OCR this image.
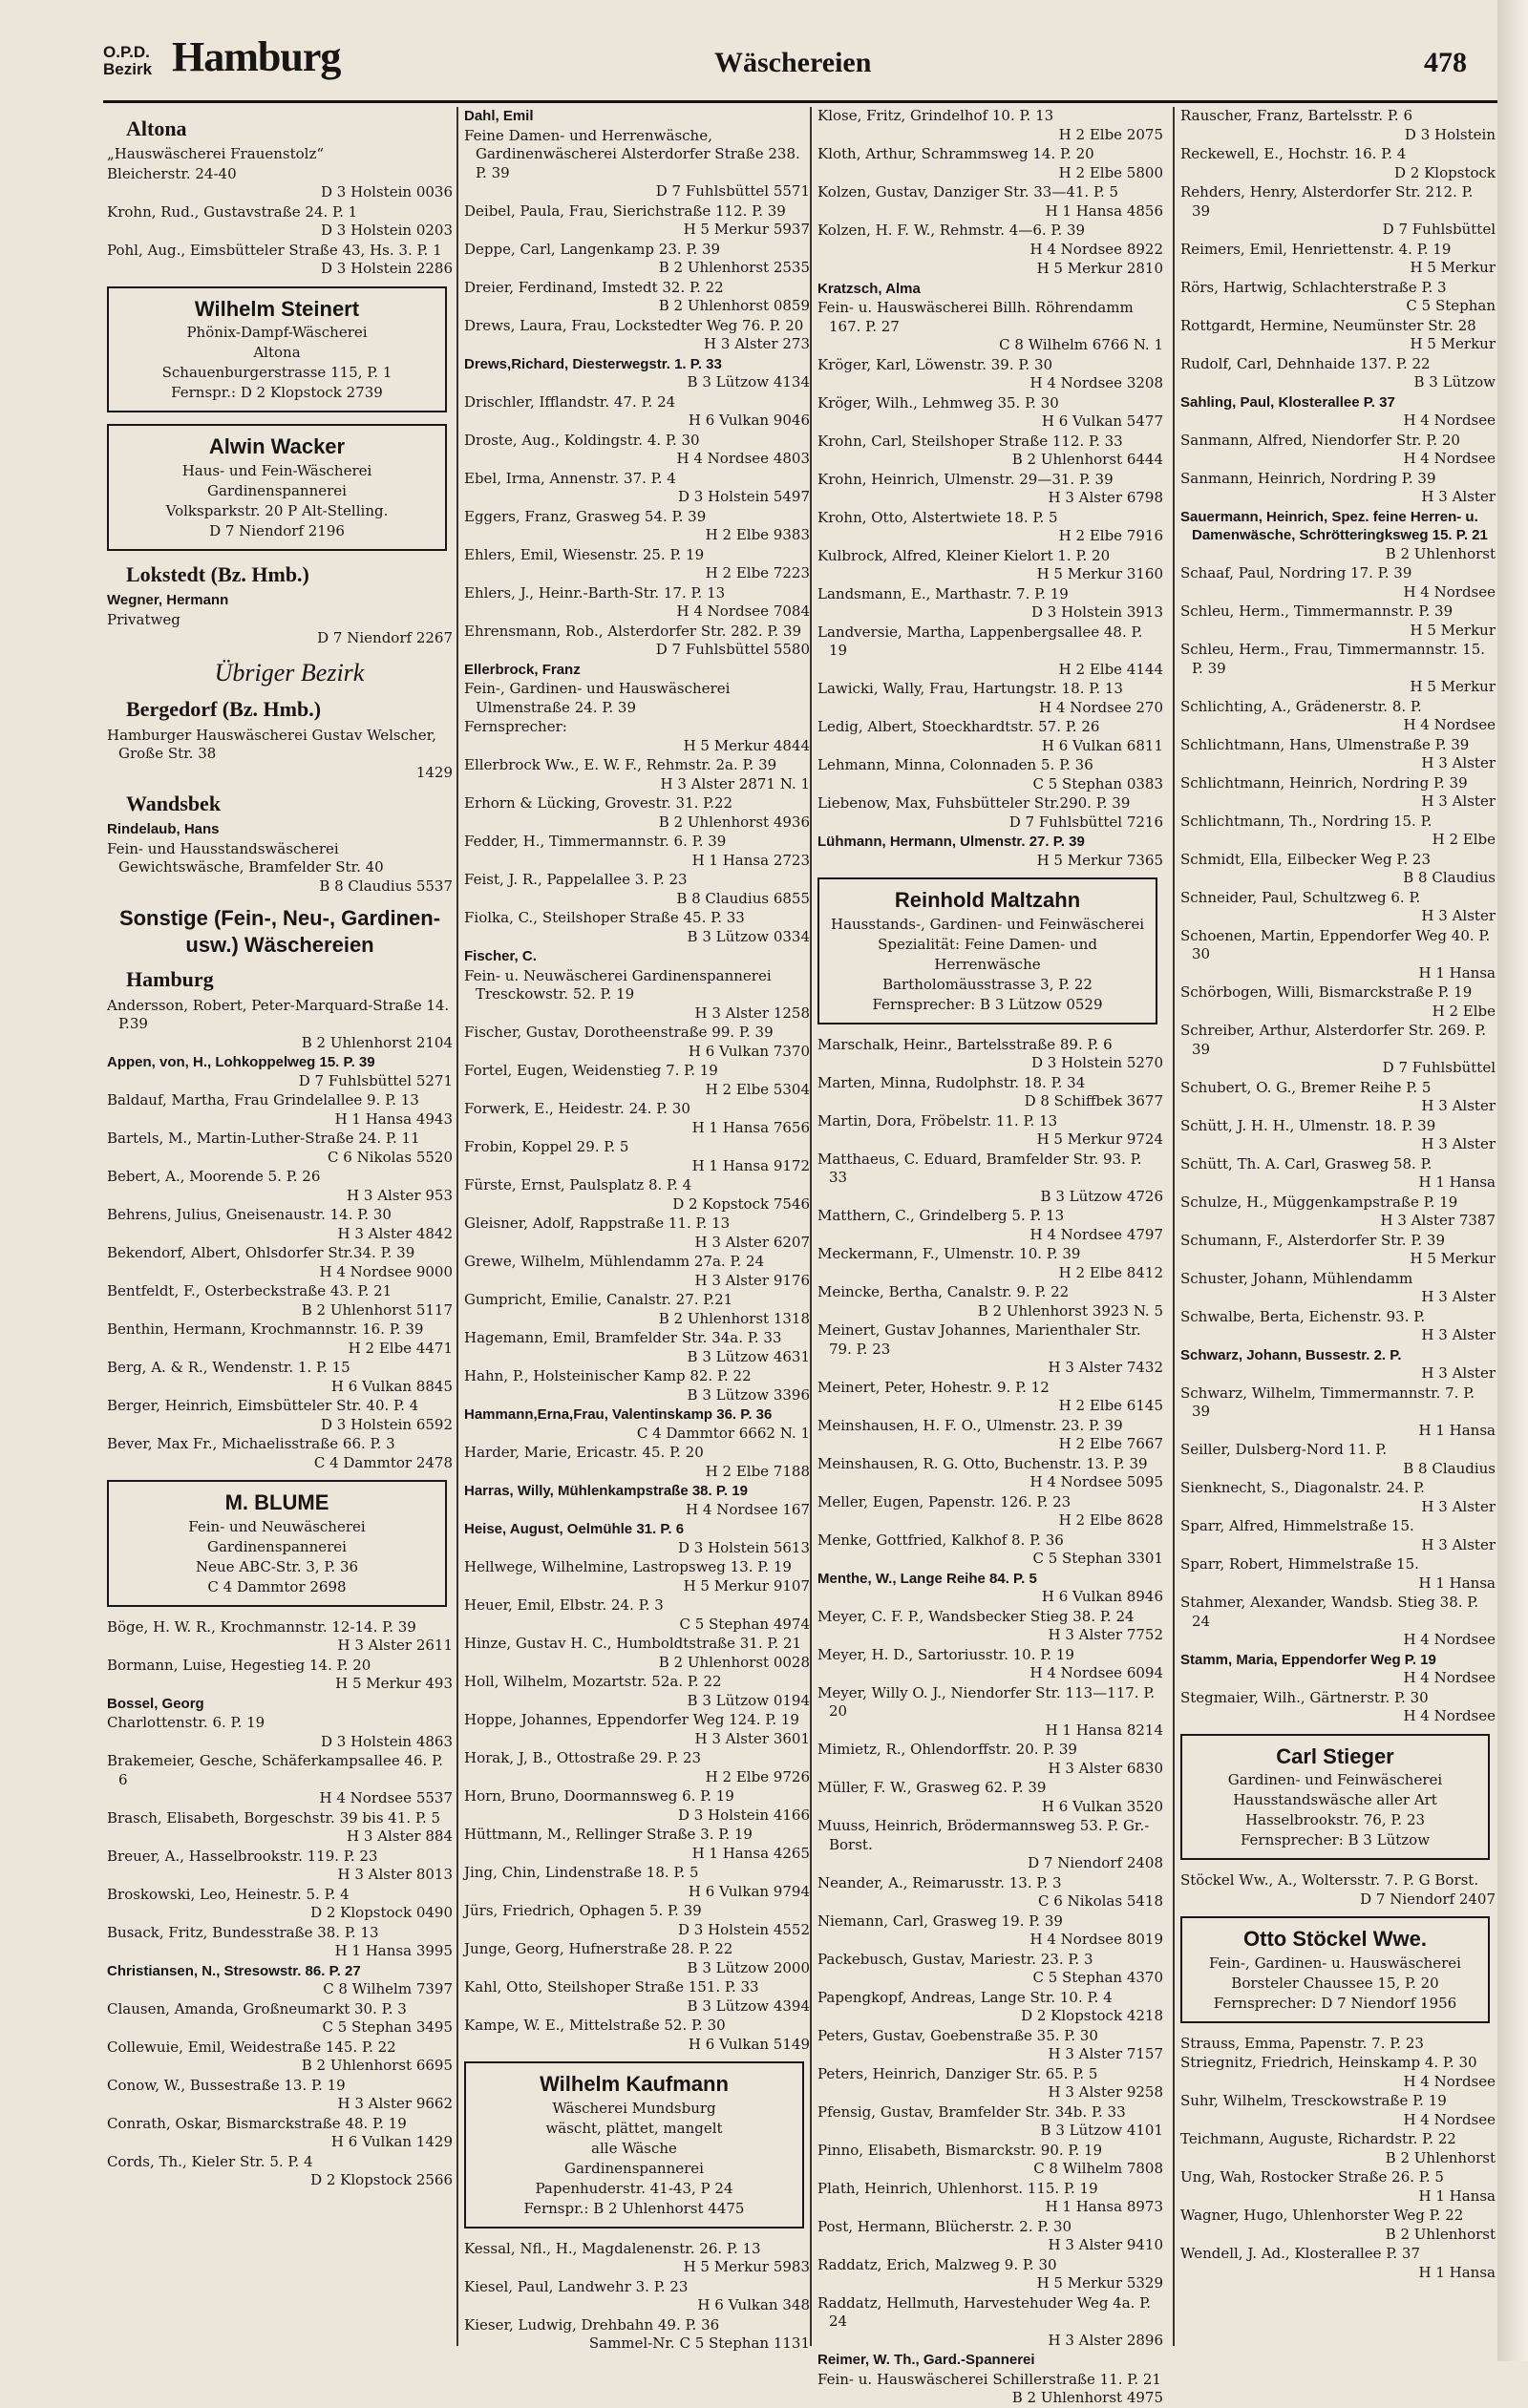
O.P.D.
Bezirk Hamburg	Wäschereien	478
Altona
„Hauswäscherei Frauenstolz“
Bleicherstr. 24-40
D 3 Holstein 0036
Krohn, Rud., Gustavstraße 24. P. 1
D 3 Holstein 0203
Pohl, Aug., Eimsbütteler Straße 43, Hs. 3. P. 1
D 3 Holstein 2286
Wilhelm Steinert
Phönix-Dampf-Wäscherei
Altona
Schauenburgerstrasse 115, P. 1
Fernspr.: D 2 Klopstock 2739
Alwin Wacker
Haus- und Fein-Wäscherei
Gardinenspannerei
Volksparkstr. 20 P Alt-Stelling.
D 7 Niendorf 2196
Lokstedt (Bz. Hmb.)
Wegner, Hermann
Privatweg
D 7 Niendorf 2267
Übriger Bezirk
Bergedorf (Bz. Hmb.)
Hamburger Hauswäscherei Gustav Welscher, Große Str. 38
1429
Wandsbek
Rindelaub, Hans
Fein- und Hausstandswäscherei Gewichtswäsche, Bramfelder Str. 40
B 8 Claudius 5537
Sonstige (Fein-, Neu-, Gardinen- usw.) Wäschereien
Hamburg
Andersson, Robert, Peter-Marquard-Straße 14. P.39
B 2 Uhlenhorst 2104
Appen, von, H., Lohkoppelweg 15. P. 39
D 7 Fuhlsbüttel 5271
Baldauf, Martha, Frau Grindelallee 9. P. 13
H 1 Hansa 4943
Bartels, M., Martin-Luther-Straße 24. P. 11
C 6 Nikolas 5520
Bebert, A., Moorende 5. P. 26
H 3 Alster 953
Behrens, Julius, Gneisenaustr. 14. P. 30
H 3 Alster 4842
Bekendorf, Albert, Ohlsdorfer Str.34. P. 39
H 4 Nordsee 9000
Bentfeldt, F., Osterbeckstraße 43. P. 21
B 2 Uhlenhorst 5117
Benthin, Hermann, Krochmannstr. 16. P. 39
H 2 Elbe 4471
Berg, A. & R., Wendenstr. 1. P. 15
H 6 Vulkan 8845
Berger, Heinrich, Eimsbütteler Str. 40. P. 4
D 3 Holstein 6592
Bever, Max Fr., Michaelisstraße 66. P. 3
C 4 Dammtor 2478
M. BLUME
Fein- und Neuwäscherei
Gardinenspannerei
Neue ABC-Str. 3, P. 36
C 4 Dammtor 2698
Böge, H. W. R., Krochmannstr. 12-14. P. 39
H 3 Alster 2611
Bormann, Luise, Hegestieg 14. P. 20
H 5 Merkur 493
Bossel, Georg
Charlottenstr. 6. P. 19
D 3 Holstein 4863
Brakemeier, Gesche, Schäferkampsallee 46. P. 6
H 4 Nordsee 5537
Brasch, Elisabeth, Borgeschstr. 39 bis 41. P. 5
H 3 Alster 884
Breuer, A., Hasselbrookstr. 119. P. 23
H 3 Alster 8013
Broskowski, Leo, Heinestr. 5. P. 4
D 2 Klopstock 0490
Busack, Fritz, Bundesstraße 38. P. 13
H 1 Hansa 3995
Christiansen, N., Stresowstr. 86. P. 27
C 8 Wilhelm 7397
Clausen, Amanda, Großneumarkt 30. P. 3
C 5 Stephan 3495
Collewuie, Emil, Weidestraße 145. P. 22
B 2 Uhlenhorst 6695
Conow, W., Bussestraße 13. P. 19
H 3 Alster 9662
Conrath, Oskar, Bismarckstraße 48. P. 19
H 6 Vulkan 1429
Cords, Th., Kieler Str. 5. P. 4
D 2 Klopstock 2566
Dahl, Emil
Feine Damen- und Herrenwäsche, Gardinenwäscherei Alsterdorfer Straße 238. P. 39
D 7 Fuhlsbüttel 5571
Deibel, Paula, Frau, Sierichstraße 112. P. 39
H 5 Merkur 5937
Deppe, Carl, Langenkamp 23. P. 39
B 2 Uhlenhorst 2535
Dreier, Ferdinand, Imstedt 32. P. 22
B 2 Uhlenhorst 0859
Drews, Laura, Frau, Lockstedter Weg 76. P. 20
H 3 Alster 273
Drews,Richard, Diesterwegstr. 1. P. 33
B 3 Lützow 4134
Drischler, Ifflandstr. 47. P. 24
H 6 Vulkan 9046
Droste, Aug., Koldingstr. 4. P. 30
H 4 Nordsee 4803
Ebel, Irma, Annenstr. 37. P. 4
D 3 Holstein 5497
Eggers, Franz, Grasweg 54. P. 39
H 2 Elbe 9383
Ehlers, Emil, Wiesenstr. 25. P. 19
H 2 Elbe 7223
Ehlers, J., Heinr.-Barth-Str. 17. P. 13
H 4 Nordsee 7084
Ehrensmann, Rob., Alsterdorfer Str. 282. P. 39
D 7 Fuhlsbüttel 5580
Ellerbrock, Franz
Fein-, Gardinen- und Hauswäscherei Ulmenstraße 24. P. 39
Fernsprecher:
H 5 Merkur 4844
Ellerbrock Ww., E. W. F., Rehmstr. 2a. P. 39
H 3 Alster 2871 N. 1
Erhorn & Lücking, Grovestr. 31. P.22
B 2 Uhlenhorst 4936
Fedder, H., Timmermannstr. 6. P. 39
H 1 Hansa 2723
Feist, J. R., Pappelallee 3. P. 23
B 8 Claudius 6855
Fiolka, C., Steilshoper Straße 45. P. 33
B 3 Lützow 0334
Fischer, C.
Fein- u. Neuwäscherei Gardinenspannerei Tresckowstr. 52. P. 19
H 3 Alster 1258
Fischer, Gustav, Dorotheenstraße 99. P. 39
H 6 Vulkan 7370
Fortel, Eugen, Weidenstieg 7. P. 19
H 2 Elbe 5304
Forwerk, E., Heidestr. 24. P. 30
H 1 Hansa 7656
Frobin, Koppel 29. P. 5
H 1 Hansa 9172
Fürste, Ernst, Paulsplatz 8. P. 4
D 2 Kopstock 7546
Gleisner, Adolf, Rappstraße 11. P. 13
H 3 Alster 6207
Grewe, Wilhelm, Mühlendamm 27a. P. 24
H 3 Alster 9176
Gumpricht, Emilie, Canalstr. 27. P.21
B 2 Uhlenhorst 1318
Hagemann, Emil, Bramfelder Str. 34a. P. 33
B 3 Lützow 4631
Hahn, P., Holsteinischer Kamp 82. P. 22
B 3 Lützow 3396
Hammann,Erna,Frau, Valentinskamp 36. P. 36
C 4 Dammtor 6662 N. 1
Harder, Marie, Ericastr. 45. P. 20
H 2 Elbe 7188
Harras, Willy, Mühlenkampstraße 38. P. 19
H 4 Nordsee 167
Heise, August, Oelmühle 31. P. 6
D 3 Holstein 5613
Hellwege, Wilhelmine, Lastropsweg 13. P. 19
H 5 Merkur 9107
Heuer, Emil, Elbstr. 24. P. 3
C 5 Stephan 4974
Hinze, Gustav H. C., Humboldtstraße 31. P. 21
B 2 Uhlenhorst 0028
Holl, Wilhelm, Mozartstr. 52a. P. 22
B 3 Lützow 0194
Hoppe, Johannes, Eppendorfer Weg 124. P. 19
H 3 Alster 3601
Horak, J, B., Ottostraße 29. P. 23
H 2 Elbe 9726
Horn, Bruno, Doormannsweg 6. P. 19
D 3 Holstein 4166
Hüttmann, M., Rellinger Straße 3. P. 19
H 1 Hansa 4265
Jing, Chin, Lindenstraße 18. P. 5
H 6 Vulkan 9794
Jürs, Friedrich, Ophagen 5. P. 39
D 3 Holstein 4552
Junge, Georg, Hufnerstraße 28. P. 22
B 3 Lützow 2000
Kahl, Otto, Steilshoper Straße 151. P. 33
B 3 Lützow 4394
Kampe, W. E., Mittelstraße 52. P. 30
H 6 Vulkan 5149
Wilhelm Kaufmann
Wäscherei Mundsburg
wäscht, plättet, mangelt
alle Wäsche
Gardinenspannerei
Papenhuderstr. 41-43, P 24
Fernspr.: B 2 Uhlenhorst 4475
Kessal, Nfl., H., Magdalenenstr. 26. P. 13
H 5 Merkur 5983
Kiesel, Paul, Landwehr 3. P. 23
H 6 Vulkan 348
Kieser, Ludwig, Drehbahn 49. P. 36
Sammel-Nr. C 5 Stephan 1131
Klose, Fritz, Grindelhof 10. P. 13
H 2 Elbe 2075
Kloth, Arthur, Schrammsweg 14. P. 20
H 2 Elbe 5800
Kolzen, Gustav, Danziger Str. 33—41. P. 5
H 1 Hansa 4856
Kolzen, H. F. W., Rehmstr. 4—6. P. 39
H 4 Nordsee 8922
H 5 Merkur 2810
Kratzsch, Alma
Fein- u. Hauswäscherei Billh. Röhrendamm 167. P. 27
C 8 Wilhelm 6766 N. 1
Kröger, Karl, Löwenstr. 39. P. 30
H 4 Nordsee 3208
Kröger, Wilh., Lehmweg 35. P. 30
H 6 Vulkan 5477
Krohn, Carl, Steilshoper Straße 112. P. 33
B 2 Uhlenhorst 6444
Krohn, Heinrich, Ulmenstr. 29—31. P. 39
H 3 Alster 6798
Krohn, Otto, Alstertwiete 18. P. 5
H 2 Elbe 7916
Kulbrock, Alfred, Kleiner Kielort 1. P. 20
H 5 Merkur 3160
Landsmann, E., Marthastr. 7. P. 19
D 3 Holstein 3913
Landversie, Martha, Lappenbergsallee 48. P. 19
H 2 Elbe 4144
Lawicki, Wally, Frau, Hartungstr. 18. P. 13
H 4 Nordsee 270
Ledig, Albert, Stoeckhardtstr. 57. P. 26
H 6 Vulkan 6811
Lehmann, Minna, Colonnaden 5. P. 36
C 5 Stephan 0383
Liebenow, Max, Fuhsbütteler Str.290. P. 39
D 7 Fuhlsbüttel 7216
Lühmann, Hermann, Ulmenstr. 27. P. 39
H 5 Merkur 7365
Reinhold Maltzahn
Hausstands-, Gardinen- und Feinwäscherei
Spezialität: Feine Damen- und Herrenwäsche
Bartholomäusstrasse 3, P. 22
Fernsprecher: B 3 Lützow 0529
Marschalk, Heinr., Bartelsstraße 89. P. 6
D 3 Holstein 5270
Marten, Minna, Rudolphstr. 18. P. 34
D 8 Schiffbek 3677
Martin, Dora, Fröbelstr. 11. P. 13
H 5 Merkur 9724
Matthaeus, C. Eduard, Bramfelder Str. 93. P. 33
B 3 Lützow 4726
Matthern, C., Grindelberg 5. P. 13
H 4 Nordsee 4797
Meckermann, F., Ulmenstr. 10. P. 39
H 2 Elbe 8412
Meincke, Bertha, Canalstr. 9. P. 22
B 2 Uhlenhorst 3923 N. 5
Meinert, Gustav Johannes, Marienthaler Str. 79. P. 23
H 3 Alster 7432
Meinert, Peter, Hohestr. 9. P. 12
H 2 Elbe 6145
Meinshausen, H. F. O., Ulmenstr. 23. P. 39
H 2 Elbe 7667
Meinshausen, R. G. Otto, Buchenstr. 13. P. 39
H 4 Nordsee 5095
Meller, Eugen, Papenstr. 126. P. 23
H 2 Elbe 8628
Menke, Gottfried, Kalkhof 8. P. 36
C 5 Stephan 3301
Menthe, W., Lange Reihe 84. P. 5
H 6 Vulkan 8946
Meyer, C. F. P., Wandsbecker Stieg 38. P. 24
H 3 Alster 7752
Meyer, H. D., Sartoriusstr. 10. P. 19
H 4 Nordsee 6094
Meyer, Willy O. J., Niendorfer Str. 113—117. P. 20
H 1 Hansa 8214
Mimietz, R., Ohlendorffstr. 20. P. 39
H 3 Alster 6830
Müller, F. W., Grasweg 62. P. 39
H 6 Vulkan 3520
Muuss, Heinrich, Brödermannsweg 53. P. Gr.-Borst.
D 7 Niendorf 2408
Neander, A., Reimarusstr. 13. P. 3
C 6 Nikolas 5418
Niemann, Carl, Grasweg 19. P. 39
H 4 Nordsee 8019
Packebusch, Gustav, Mariestr. 23. P. 3
C 5 Stephan 4370
Papengkopf, Andreas, Lange Str. 10. P. 4
D 2 Klopstock 4218
Peters, Gustav, Goebenstraße 35. P. 30
H 3 Alster 7157
Peters, Heinrich, Danziger Str. 65. P. 5
H 3 Alster 9258
Pfensig, Gustav, Bramfelder Str. 34b. P. 33
B 3 Lützow 4101
Pinno, Elisabeth, Bismarckstr. 90. P. 19
C 8 Wilhelm 7808
Plath, Heinrich, Uhlenhorst. 115. P. 19
H 1 Hansa 8973
Post, Hermann, Blücherstr. 2. P. 30
H 3 Alster 9410
Raddatz, Erich, Malzweg 9. P. 30
H 5 Merkur 5329
Raddatz, Hellmuth, Harvestehuder Weg 4a. P. 24
H 3 Alster 2896
Reimer, W. Th., Gard.-Spannerei
Fein- u. Hauswäscherei Schillerstraße 11. P. 21
B 2 Uhlenhorst 4975
Rauscher, Franz, Bartelsstr. P. 6
D 3 Holstein
Reckewell, E., Hochstr. 16. P. 4
D 2 Klopstock
Rehders, Henry, Alsterdorfer Str. 212. P. 39
D 7 Fuhlsbüttel
Reimers, Emil, Henriettenstr. 4. P. 19
H 5 Merkur
Rörs, Hartwig, Schlachterstraße P. 3
C 5 Stephan
Rottgardt, Hermine, Neumünster Str. 28
H 5 Merkur
Rudolf, Carl, Dehnhaide 137. P. 22
B 3 Lützow
Sahling, Paul, Klosterallee P. 37
H 4 Nordsee
Sanmann, Alfred, Niendorfer Str. P. 20
H 4 Nordsee
Sanmann, Heinrich, Nordring P. 39
H 3 Alster
Sauermann, Heinrich, Spez. feine Herren- u. Damenwäsche, Schrötteringksweg 15. P. 21
B 2 Uhlenhorst
Schaaf, Paul, Nordring 17. P. 39
H 4 Nordsee
Schleu, Herm., Timmermannstr. P. 39
H 5 Merkur
Schleu, Herm., Frau, Timmermannstr. 15. P. 39
H 5 Merkur
Schlichting, A., Grädenerstr. 8. P.
H 4 Nordsee
Schlichtmann, Hans, Ulmenstraße P. 39
H 3 Alster
Schlichtmann, Heinrich, Nordring P. 39
H 3 Alster
Schlichtmann, Th., Nordring 15. P.
H 2 Elbe
Schmidt, Ella, Eilbecker Weg P. 23
B 8 Claudius
Schneider, Paul, Schultzweg 6. P.
H 3 Alster
Schoenen, Martin, Eppendorfer Weg 40. P. 30
H 1 Hansa
Schörbogen, Willi, Bismarckstraße P. 19
H 2 Elbe
Schreiber, Arthur, Alsterdorfer Str. 269. P. 39
D 7 Fuhlsbüttel
Schubert, O. G., Bremer Reihe P. 5
H 3 Alster
Schütt, J. H. H., Ulmenstr. 18. P. 39
H 3 Alster
Schütt, Th. A. Carl, Grasweg 58. P.
H 1 Hansa
Schulze, H., Müggenkampstraße P. 19
H 3 Alster 7387
Schumann, F., Alsterdorfer Str. P. 39
H 5 Merkur
Schuster, Johann, Mühlendamm
H 3 Alster
Schwalbe, Berta, Eichenstr. 93. P.
H 3 Alster
Schwarz, Johann, Bussestr. 2. P.
H 3 Alster
Schwarz, Wilhelm, Timmermannstr. 7. P. 39
H 1 Hansa
Seiller, Dulsberg-Nord 11. P.
B 8 Claudius
Sienknecht, S., Diagonalstr. 24. P.
H 3 Alster
Sparr, Alfred, Himmelstraße 15.
H 3 Alster
Sparr, Robert, Himmelstraße 15.
H 1 Hansa
Stahmer, Alexander, Wandsb. Stieg 38. P. 24
H 4 Nordsee
Stamm, Maria, Eppendorfer Weg P. 19
H 4 Nordsee
Stegmaier, Wilh., Gärtnerstr. P. 30
H 4 Nordsee
Carl Stieger
Gardinen- und Feinwäscherei
Hausstandswäsche aller Art
Hasselbrookstr. 76, P. 23
Fernsprecher: B 3 Lützow
Stöckel Ww., A., Woltersstr. 7. P. G Borst.
D 7 Niendorf 2407
Otto Stöckel Wwe.
Fein-, Gardinen- u. Hauswäscherei
Borsteler Chaussee 15, P. 20
Fernsprecher: D 7 Niendorf 1956
Strauss, Emma, Papenstr. 7. P. 23
Striegnitz, Friedrich, Heinskamp 4. P. 30
H 4 Nordsee
Suhr, Wilhelm, Tresckowstraße P. 19
H 4 Nordsee
Teichmann, Auguste, Richardstr. P. 22
B 2 Uhlenhorst
Ung, Wah, Rostocker Straße 26. P. 5
H 1 Hansa
Wagner, Hugo, Uhlenhorster Weg P. 22
B 2 Uhlenhorst
Wendell, J. Ad., Klosterallee P. 37
H 1 Hansa
